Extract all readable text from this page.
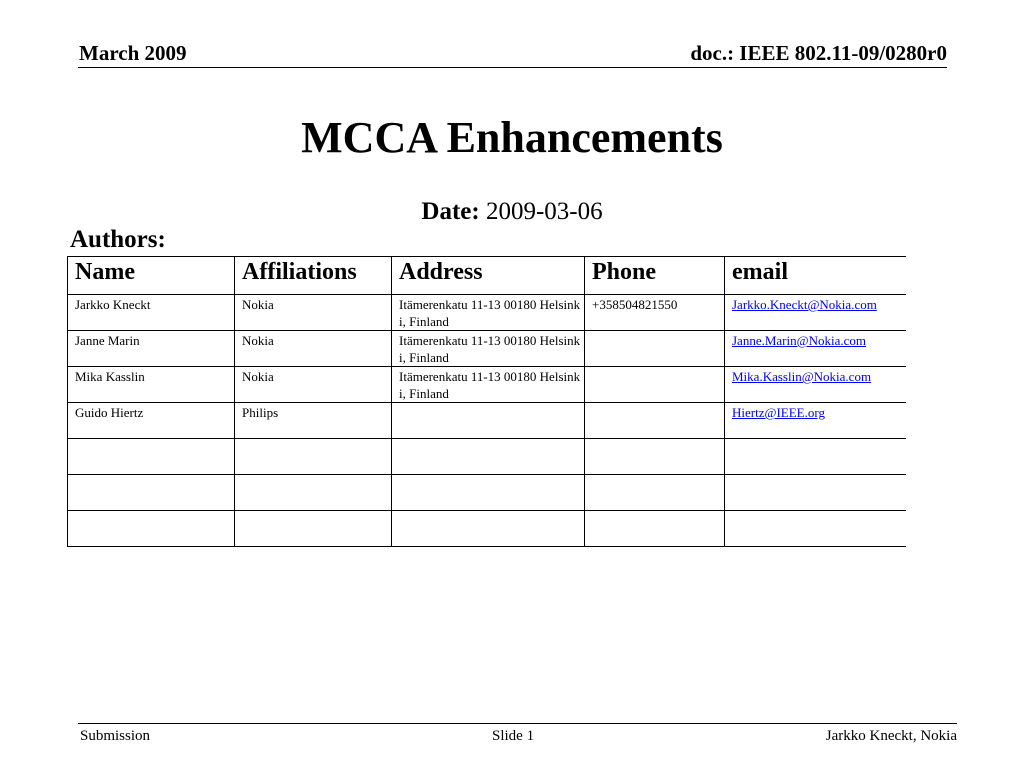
March 2009	doc.: IEEE 802.11-09/0280r0
MCCA Enhancements
Date: 2009-03-06
Authors:
Name	Affiliations	Address	Phone	email
Jarkko Kneckt	Nokia	Itämerenkatu 11-13 00180 Helsinki, Finland	+358504821550	Jarkko.Kneckt@Nokia.com
Janne Marin	Nokia	Itämerenkatu 11-13 00180 Helsinki, Finland		Janne.Marin@Nokia.com
Mika Kasslin	Nokia	Itämerenkatu 11-13 00180 Helsinki, Finland		Mika.Kasslin@Nokia.com
Guido Hiertz	Philips			Hiertz@IEEE.org

Submission	Slide 1	Jarkko Kneckt, Nokia
